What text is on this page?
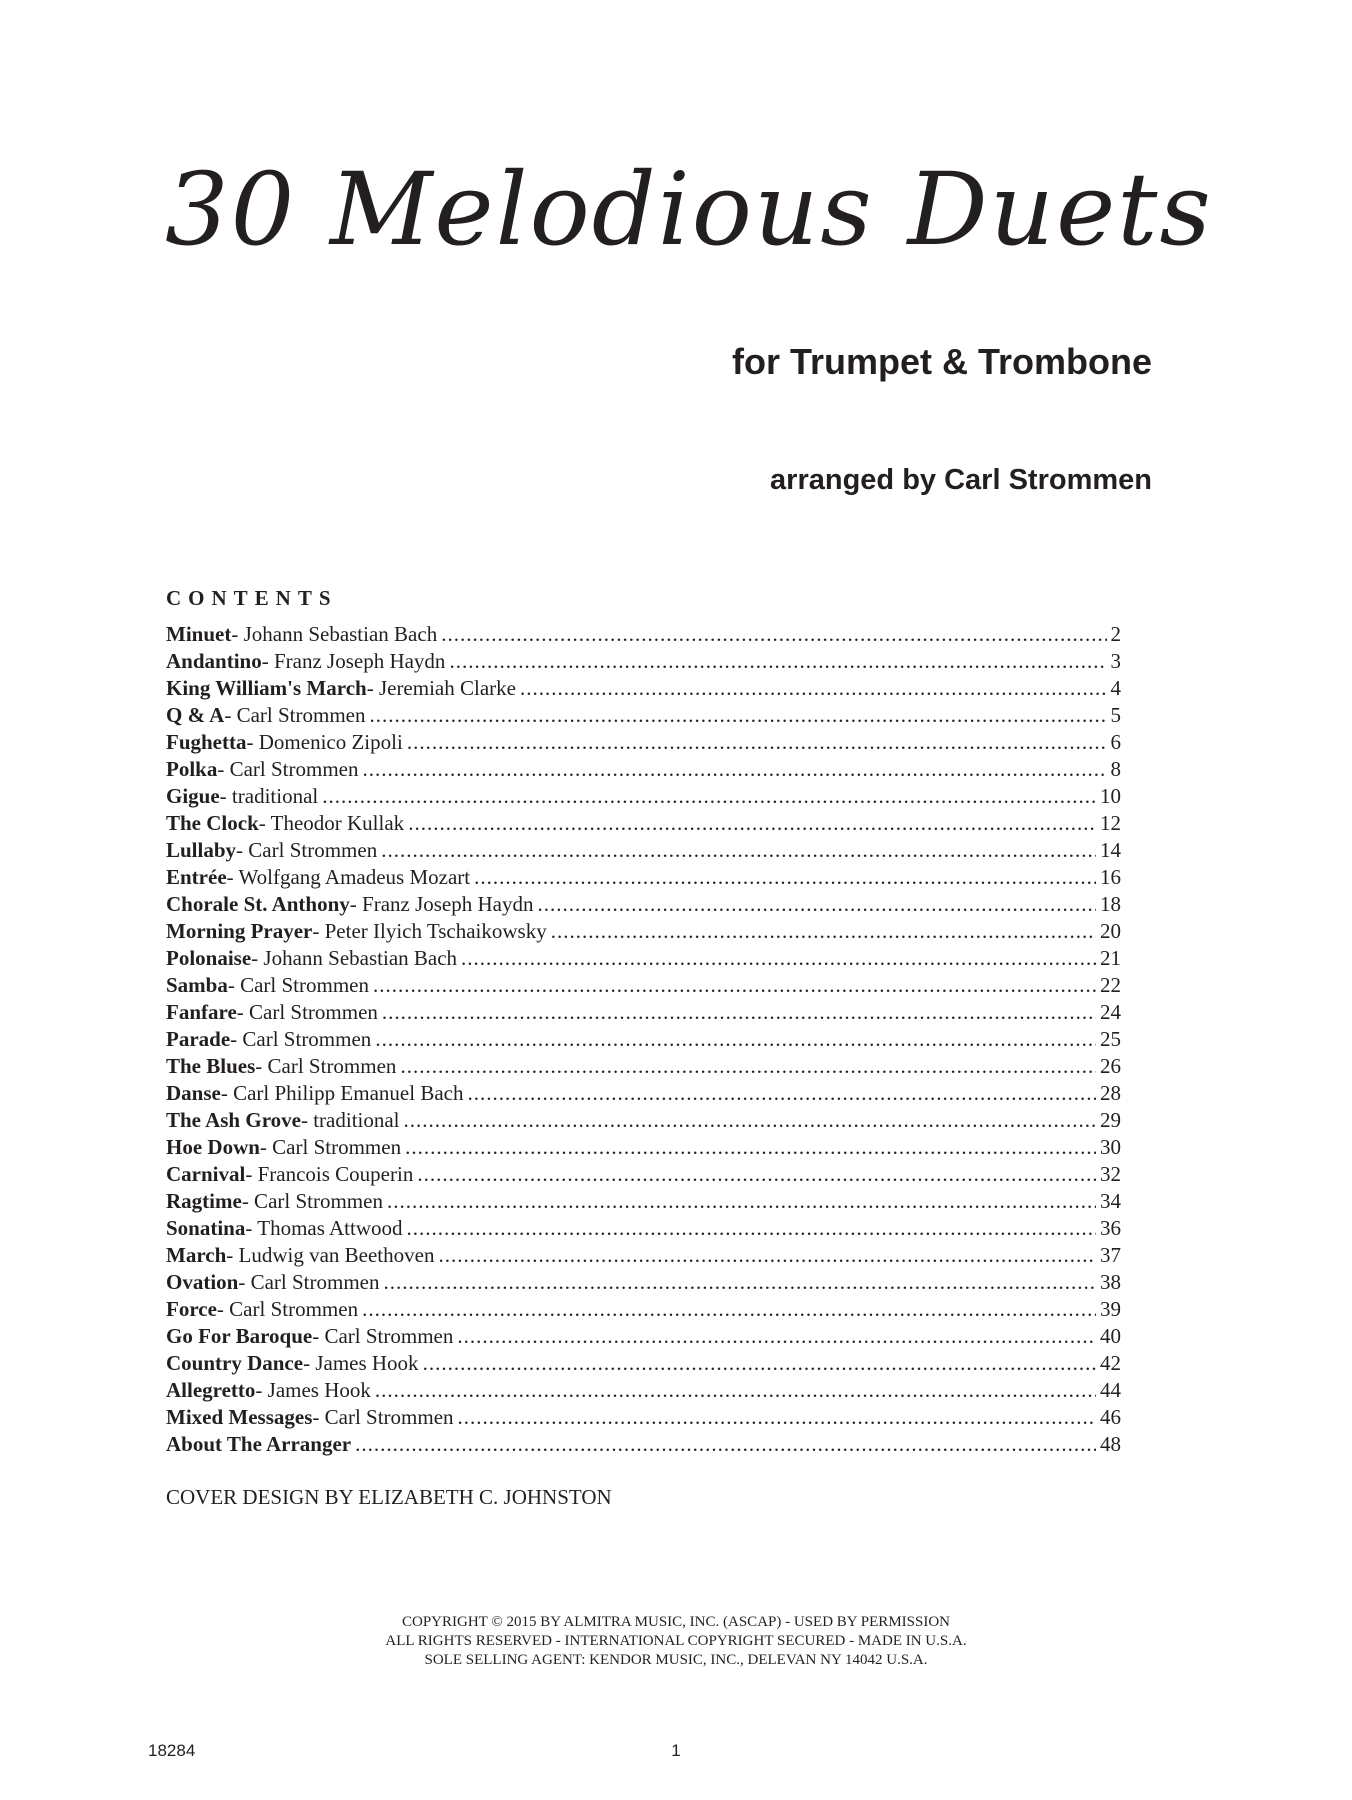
30 Melodious Duets
for Trumpet & Trombone
arranged by Carl Strommen
CONTENTS
Minuet - Johann Sebastian Bach .....	2
Andantino - Franz Joseph Haydn .....	3
King William's March - Jeremiah Clarke .....	4
Q & A - Carl Strommen .....	5
Fughetta - Domenico Zipoli .....	6
Polka - Carl Strommen .....	8
Gigue - traditional .....	10
The Clock - Theodor Kullak .....	12
Lullaby - Carl Strommen .....	14
Entrée - Wolfgang Amadeus Mozart .....	16
Chorale St. Anthony - Franz Joseph Haydn .....	18
Morning Prayer - Peter Ilyich Tschaikowsky .....	20
Polonaise - Johann Sebastian Bach .....	21
Samba - Carl Strommen .....	22
Fanfare - Carl Strommen .....	24
Parade - Carl Strommen .....	25
The Blues - Carl Strommen .....	26
Danse - Carl Philipp Emanuel Bach .....	28
The Ash Grove - traditional .....	29
Hoe Down - Carl Strommen .....	30
Carnival - Francois Couperin .....	32
Ragtime - Carl Strommen .....	34
Sonatina - Thomas Attwood .....	36
March - Ludwig van Beethoven .....	37
Ovation - Carl Strommen .....	38
Force - Carl Strommen .....	39
Go For Baroque - Carl Strommen .....	40
Country Dance - James Hook .....	42
Allegretto - James Hook .....	44
Mixed Messages - Carl Strommen .....	46
About The Arranger .....	48
COVER DESIGN BY ELIZABETH C. JOHNSTON
COPYRIGHT © 2015 BY ALMITRA MUSIC, INC. (ASCAP) - USED BY PERMISSION
ALL RIGHTS RESERVED - INTERNATIONAL COPYRIGHT SECURED - MADE IN U.S.A.
SOLE SELLING AGENT: KENDOR MUSIC, INC., DELEVAN NY 14042 U.S.A.
18284	1
